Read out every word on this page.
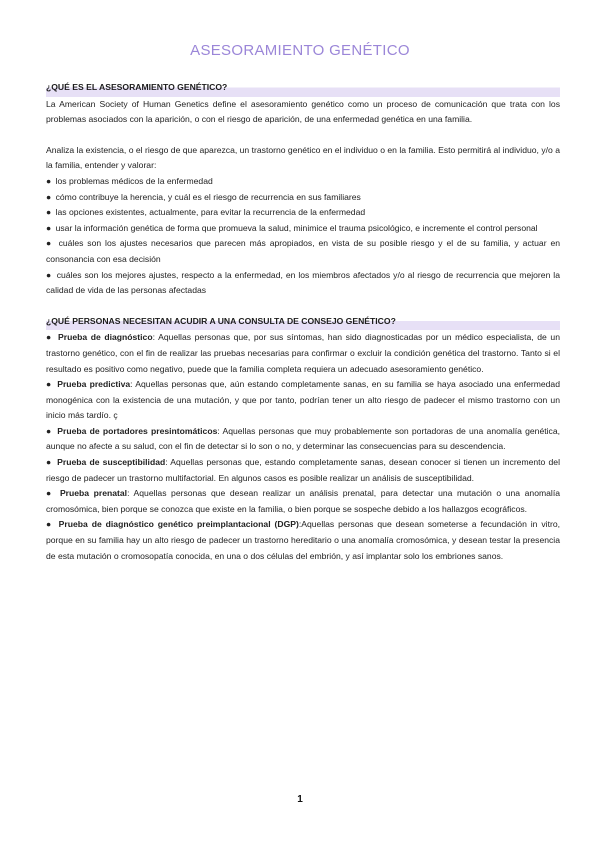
ASESORAMIENTO GENÉTICO
¿QUÉ ES EL ASESORAMIENTO GENÉTICO?

La American Society of Human Genetics define el asesoramiento genético como un proceso de comunicación que trata con los problemas asociados con la aparición, o con el riesgo de aparición, de una enfermedad genética en una familia.

Analiza la existencia, o el riesgo de que aparezca, un trastorno genético en el individuo o en la familia. Esto permitirá al individuo, y/o a la familia, entender y valorar:

● los problemas médicos de la enfermedad

● cómo contribuye la herencia, y cuál es el riesgo de recurrencia en sus familiares

● las opciones existentes, actualmente, para evitar la recurrencia de la enfermedad

● usar la información genética de forma que promueva la salud, minimice el trauma psicológico, e incremente el control personal

● cuáles son los ajustes necesarios que parecen más apropiados, en vista de su posible riesgo y el de su familia, y actuar en consonancia con esa decisión

● cuáles son los mejores ajustes, respecto a la enfermedad, en los miembros afectados y/o al riesgo de recurrencia que mejoren la calidad de vida de las personas afectadas

¿QUÉ PERSONAS NECESITAN ACUDIR A UNA CONSULTA DE CONSEJO GENÉTICO?

● Prueba de diagnóstico: Aquellas personas que, por sus síntomas, han sido diagnosticadas por un médico especialista, de un trastorno genético, con el fin de realizar las pruebas necesarias para confirmar o excluir la condición genética del trastorno. Tanto si el resultado es positivo como negativo, puede que la familia completa requiera un adecuado asesoramiento genético.

● Prueba predictiva: Aquellas personas que, aún estando completamente sanas, en su familia se haya asociado una enfermedad monogénica con la existencia de una mutación, y que por tanto, podrían tener un alto riesgo de padecer el mismo trastorno con un inicio más tardío. ç

● Prueba de portadores presintomáticos: Aquellas personas que muy probablemente son portadoras de una anomalía genética, aunque no afecte a su salud, con el fin de detectar si lo son o no, y determinar las consecuencias para su descendencia.

● Prueba de susceptibilidad: Aquellas personas que, estando completamente sanas, desean conocer si tienen un incremento del riesgo de padecer un trastorno multifactorial. En algunos casos es posible realizar un análisis de susceptibilidad.

● Prueba prenatal: Aquellas personas que desean realizar un análisis prenatal, para detectar una mutación o una anomalía cromosómica, bien porque se conozca que existe en la familia, o bien porque se sospeche debido a los hallazgos ecográficos.

● Prueba de diagnóstico genético preimplantacional (DGP):Aquellas personas que desean someterse a fecundación in vitro, porque en su familia hay un alto riesgo de padecer un trastorno hereditario o una anomalía cromosómica, y desean testar la presencia de esta mutación o cromosopatía conocida, en una o dos células del embrión, y así implantar solo los embriones sanos.

1
